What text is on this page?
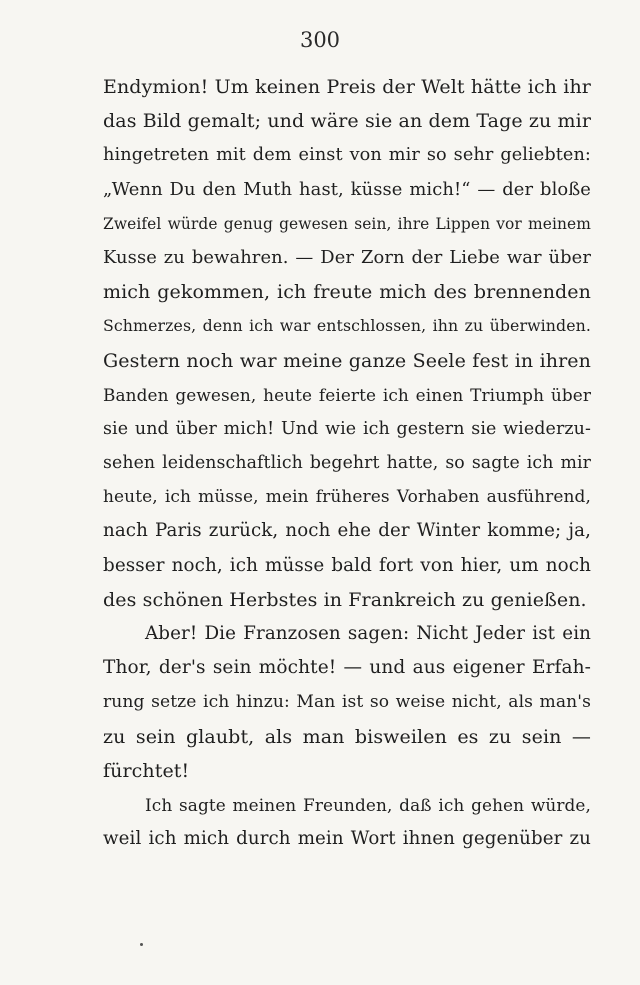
300
Endymion! Um keinen Preis der Welt hätte ich ihr
das Bild gemalt; und wäre sie an dem Tage zu mir
hingetreten mit dem einst von mir so sehr geliebten:
„Wenn Du den Muth hast, küsse mich!“ — der bloße
Zweifel würde genug gewesen sein, ihre Lippen vor meinem
Kusse zu bewahren. — Der Zorn der Liebe war über
mich gekommen, ich freute mich des brennenden
Schmerzes, denn ich war entschlossen, ihn zu überwinden.
Gestern noch war meine ganze Seele fest in ihren
Banden gewesen, heute feierte ich einen Triumph über
sie und über mich! Und wie ich gestern sie wiederzu-
sehen leidenschaftlich begehrt hatte, so sagte ich mir
heute, ich müsse, mein früheres Vorhaben ausführend,
nach Paris zurück, noch ehe der Winter komme; ja,
besser noch, ich müsse bald fort von hier, um noch
des schönen Herbstes in Frankreich zu genießen.
Aber! Die Franzosen sagen: Nicht Jeder ist ein
Thor, der's sein möchte! — und aus eigener Erfah-
rung setze ich hinzu: Man ist so weise nicht, als man's
zu sein glaubt, als man bisweilen es zu sein —
fürchtet!
Ich sagte meinen Freunden, daß ich gehen würde,
weil ich mich durch mein Wort ihnen gegenüber zu
